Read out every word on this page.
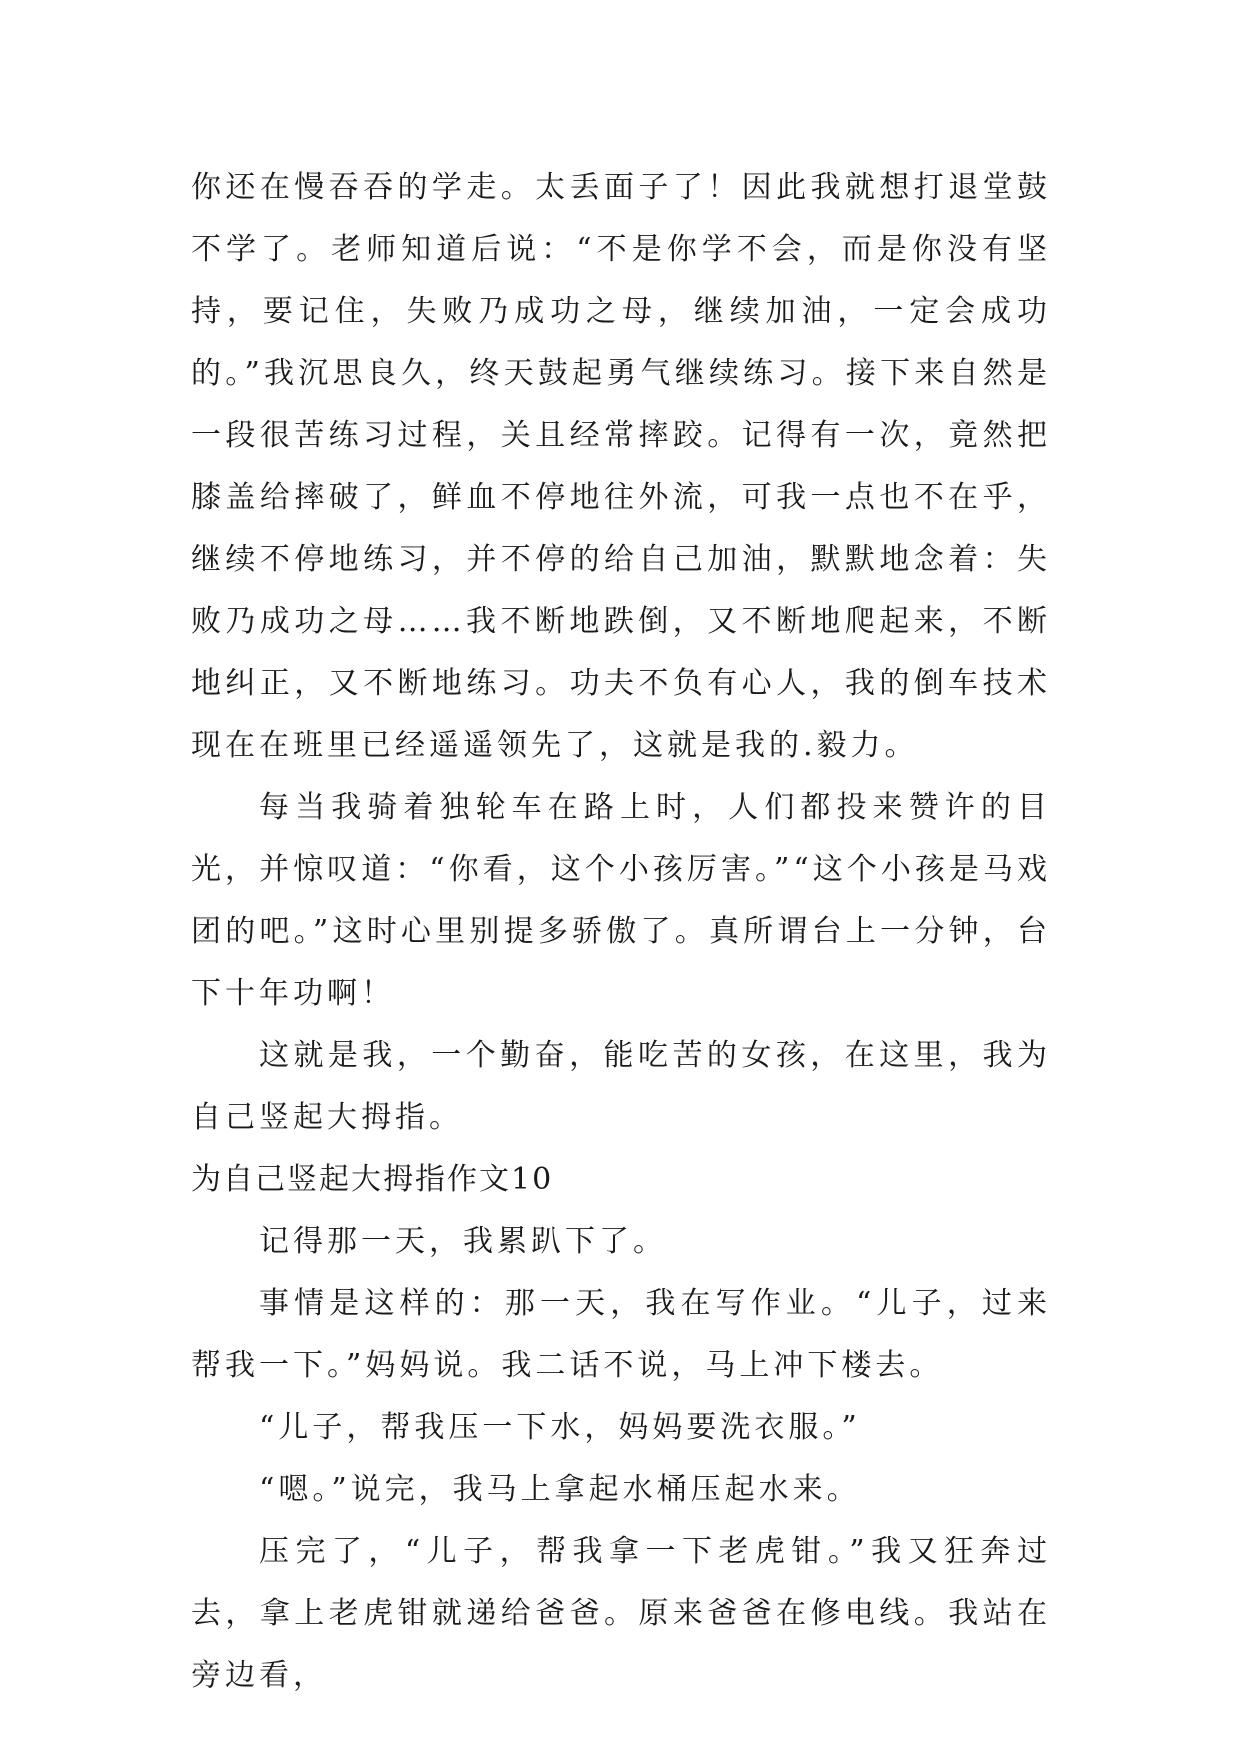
你还在慢吞吞的学走。太丢面子了！因此我就想打退堂鼓不学了。老师知道后说：“不是你学不会，而是你没有坚持，要记住，失败乃成功之母，继续加油，一定会成功的。”我沉思良久，终天鼓起勇气继续练习。接下来自然是一段很苦练习过程，关且经常摔跤。记得有一次，竟然把膝盖给摔破了，鲜血不停地往外流，可我一点也不在乎，继续不停地练习，并不停的给自己加油，默默地念着：失败乃成功之母……我不断地跌倒，又不断地爬起来，不断地纠正，又不断地练习。功夫不负有心人，我的倒车技术现在在班里已经遥遥领先了，这就是我的.毅力。

每当我骑着独轮车在路上时，人们都投来赞许的目光，并惊叹道：“你看，这个小孩厉害。”“这个小孩是马戏团的吧。”这时心里别提多骄傲了。真所谓台上一分钟，台下十年功啊！

这就是我，一个勤奋，能吃苦的女孩，在这里，我为自己竖起大拇指。

为自己竖起大拇指作文10

记得那一天，我累趴下了。

事情是这样的：那一天，我在写作业。“儿子，过来帮我一下。”妈妈说。我二话不说，马上冲下楼去。

“儿子，帮我压一下水，妈妈要洗衣服。”

“嗯。”说完，我马上拿起水桶压起水来。

压完了，“儿子，帮我拿一下老虎钳。”我又狂奔过去，拿上老虎钳就递给爸爸。原来爸爸在修电线。我站在旁边看，
